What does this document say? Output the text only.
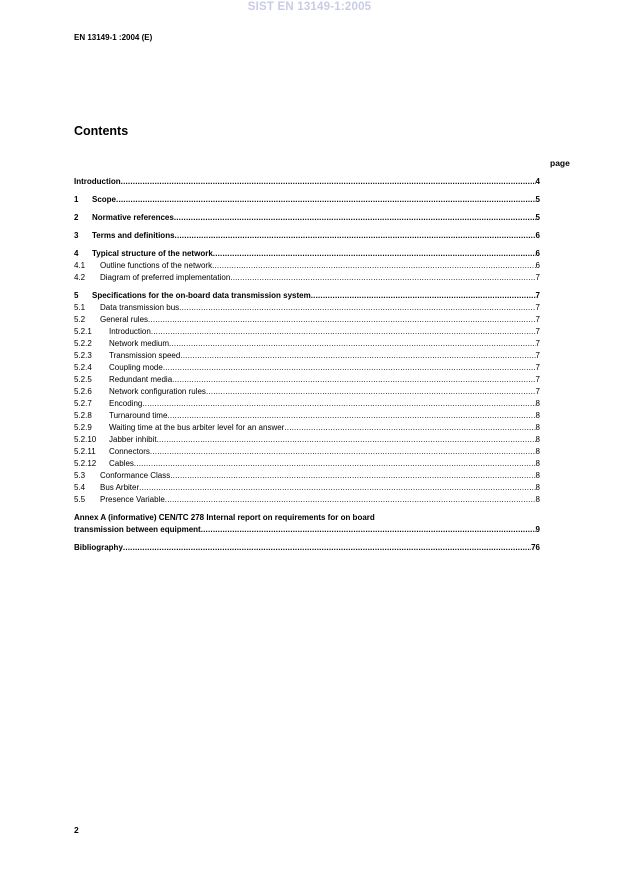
SIST EN 13149-1:2005
EN 13149-1 :2004 (E)
Contents
page
Introduction .....	4
1	Scope .....	5
2	Normative references .....	5
3	Terms and definitions .....	6
4	Typical structure of the network .....	6
4.1	Outline functions of the network .....	6
4.2	Diagram of preferred implementation .....	7
5	Specifications for the on-board data transmission system .....	7
5.1	Data transmission bus .....	7
5.2	General rules .....	7
5.2.1	Introduction .....	7
5.2.2	Network medium .....	7
5.2.3	Transmission speed .....	7
5.2.4	Coupling mode .....	7
5.2.5	Redundant media .....	7
5.2.6	Network configuration rules .....	7
5.2.7	Encoding .....	8
5.2.8	Turnaround time .....	8
5.2.9	Waiting time at the bus arbiter level for an answer .....	8
5.2.10	Jabber inhibit .....	8
5.2.11	Connectors .....	8
5.2.12	Cables .....	8
5.3	Conformance Class .....	8
5.4	Bus Arbiter .....	8
5.5	Presence Variable .....	8
Annex A (informative) CEN/TC 278 Internal report on requirements for on board
transmission between equipment .....	9
Bibliography .....	76
2
